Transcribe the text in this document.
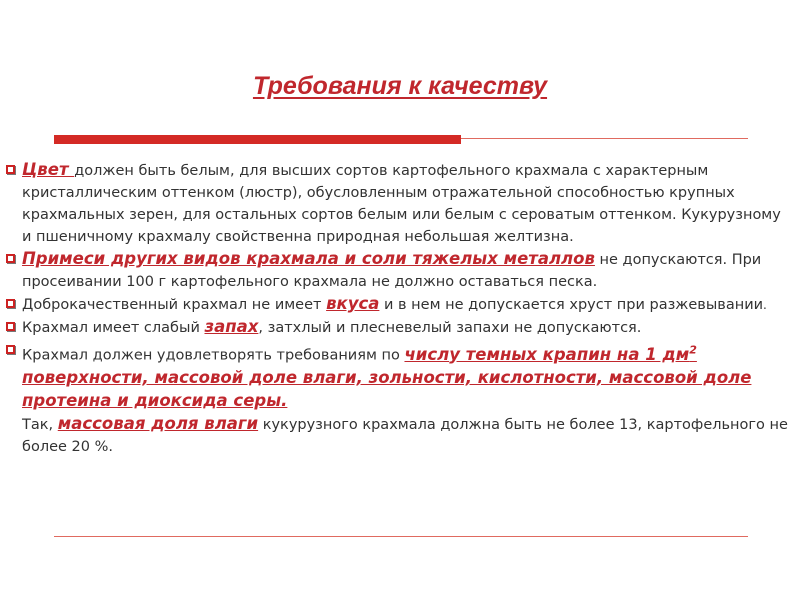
Требования к качеству

Цвет должен быть белым, для высших сортов картофельного крахмала с характерным кристаллическим оттенком (люстр), обусловленным отражательной способностью крупных крахмальных зерен, для остальных сортов белым или белым с сероватым оттенком. Кукурузному и пшеничному крахмалу свойственна природная небольшая желтизна.

Примеси других видов крахмала и соли тяжелых металлов не допускаются. При просеивании 100 г картофельного крахмала не должно оставаться песка.

Доброкачественный крахмал не имеет вкуса и в нем не допускается хруст при разжевывании.

Крахмал имеет слабый запах, затхлый и плесневелый запахи не допускаются.

Крахмал должен удовлетворять требованиям по числу темных крапин на 1 $дм^2$ поверхности, массовой доле влаги, зольности, кислотности, массовой доле протеина и диоксида серы.

Так, массовая доля влаги кукурузного крахмала должна быть не более 13, картофельного не более 20 %.
